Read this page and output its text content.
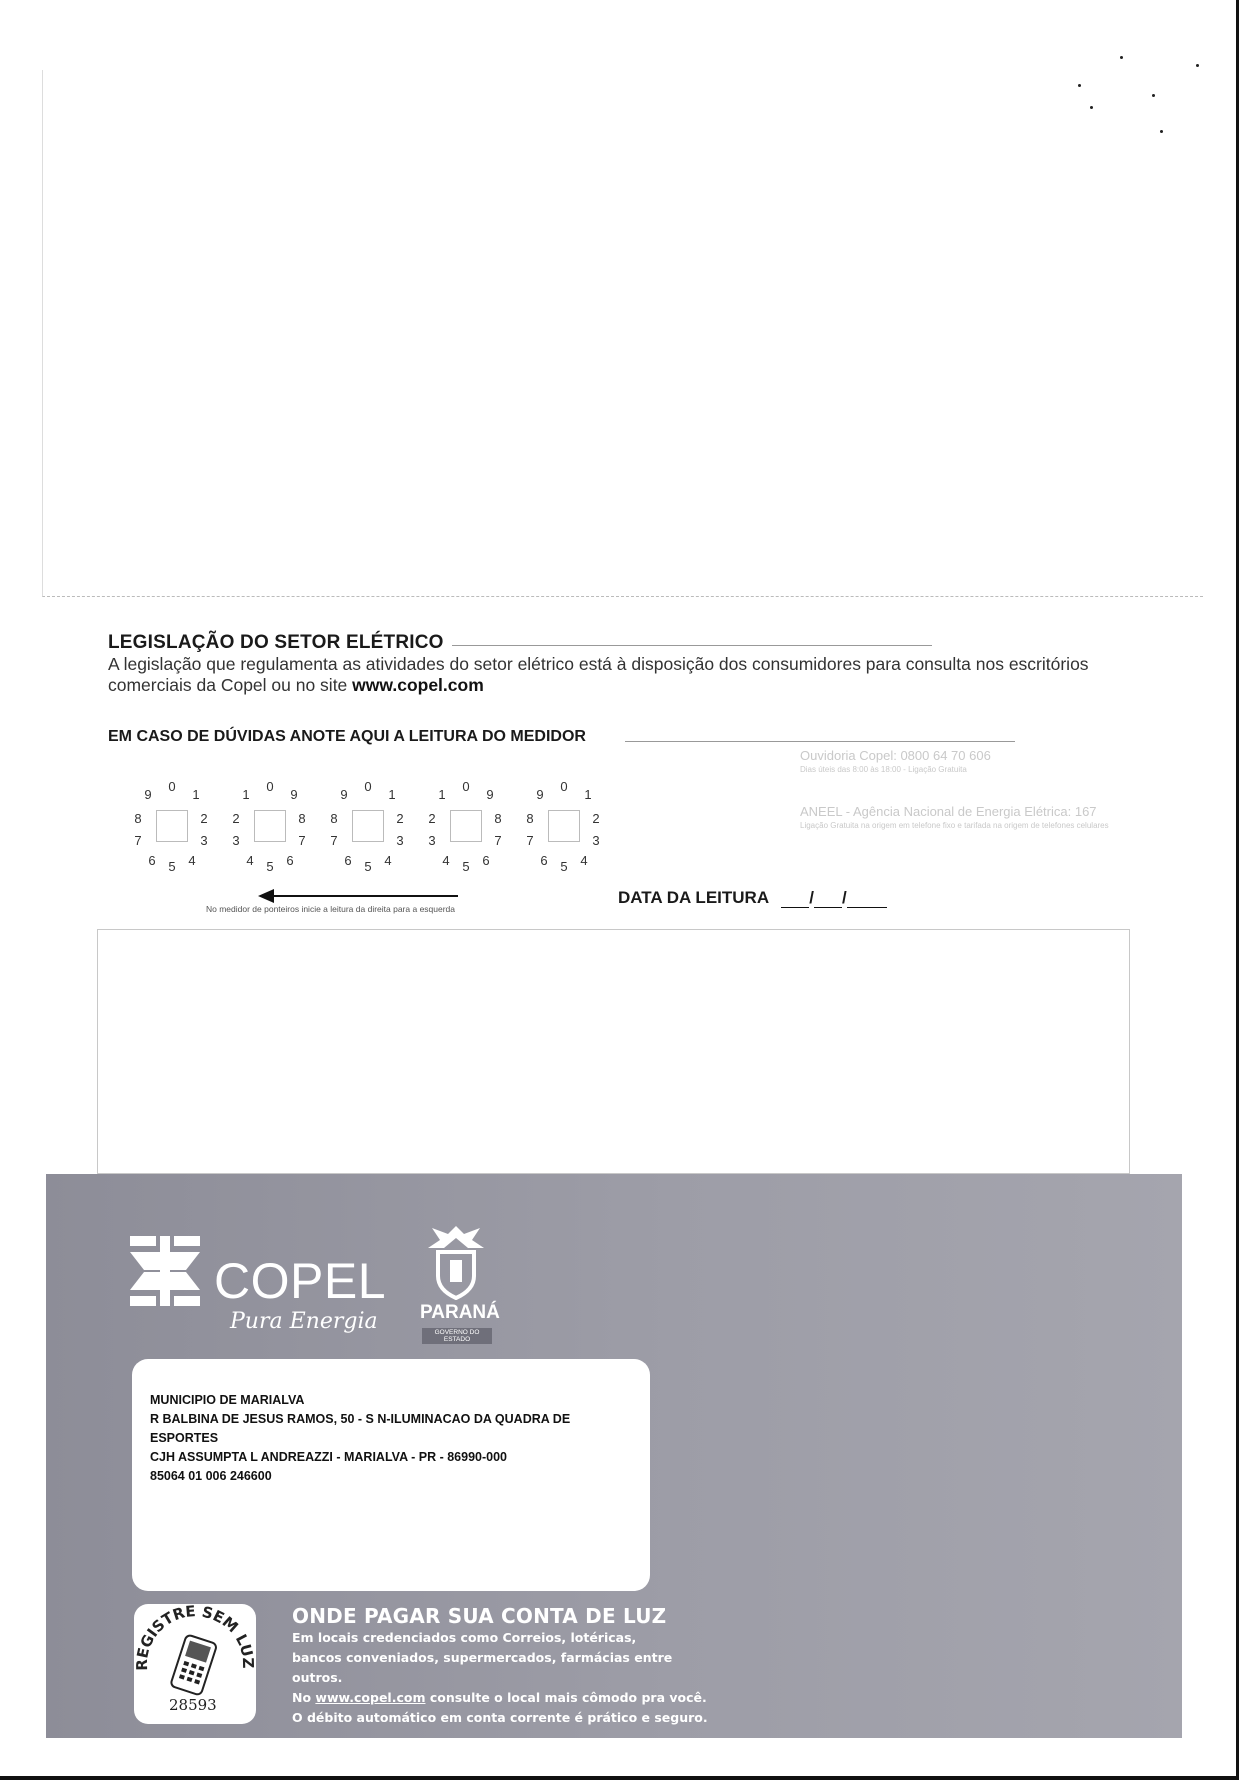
LEGISLAÇÃO DO SETOR ELÉTRICO
A legislação que regulamenta as atividades do setor elétrico está à disposição dos consumidores para consulta nos escritórios comerciais da Copel ou no site www.copel.com
EM CASO DE DÚVIDAS ANOTE AQUI A LEITURA DO MEDIDOR
Ouvidoria Copel: 0800 64 70 606
Dias úteis das 8:00 às 18:00 - Ligação Gratuita
ANEEL - Agência Nacional de Energia Elétrica: 167
Ligação Gratuita na origem em telefone fixo e tarifada na origem de telefones celulares
0
1
2
3
4
5
6
7
8
9
0
9
8
7
6
5
4
3
2
1
0
1
2
3
4
5
6
7
8
9
0
9
8
7
6
5
4
3
2
1
0
1
2
3
4
5
6
7
8
9
No medidor de ponteiros inicie a leitura da direita para a esquerda
DATA DA LEITURA / /
COPEL
Pura Energia PARANÁ
GOVERNO DO ESTADO
MUNICIPIO DE MARIALVA
R BALBINA DE JESUS RAMOS, 50 - S N-ILUMINACAO DA QUADRA DE
ESPORTES
CJH ASSUMPTA L ANDREAZZI - MARIALVA - PR - 86990-000
85064 01 006 246600
REGISTRE SEM LUZ
28593
ONDE PAGAR SUA CONTA DE LUZ
Em locais credenciados como Correios, lotéricas,
bancos conveniados, supermercados, farmácias entre outros.
No www.copel.com consulte o local mais cômodo pra você.
O débito automático em conta corrente é prático e seguro.
